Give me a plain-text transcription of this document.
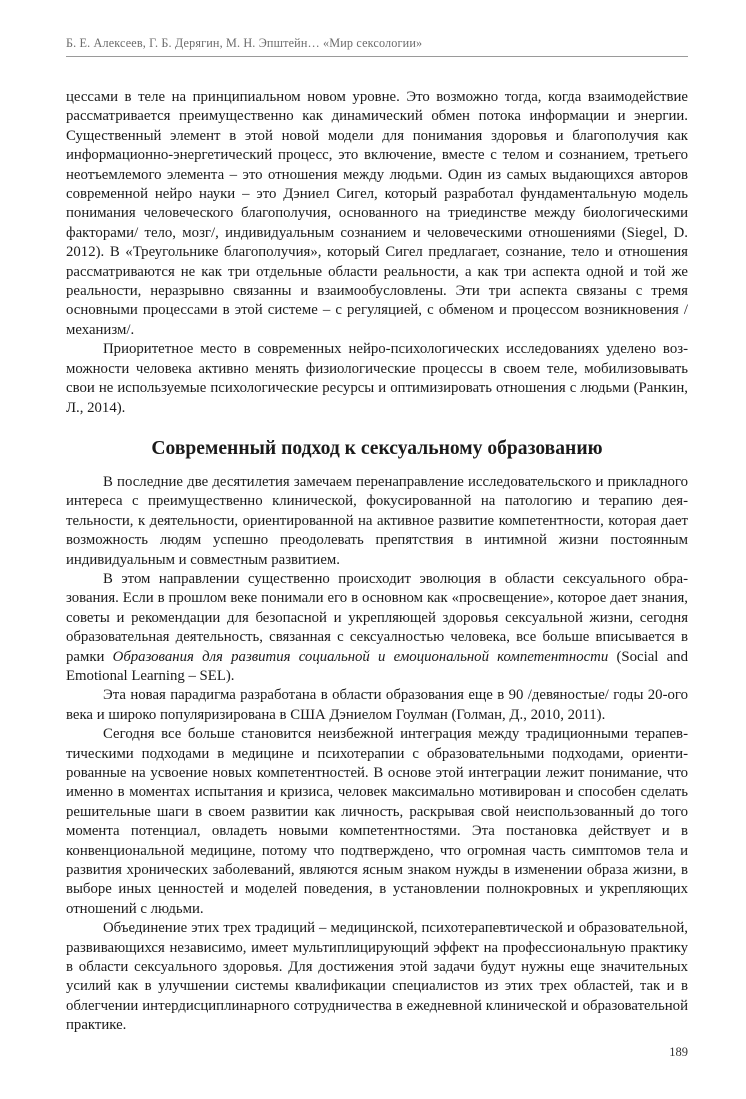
Б. Е. Алексеев, Г. Б. Дерягин, М. Н. Эпштейн… «Мир сексологии»

цессами в теле на принципиальном новом уровне. Это возможно тогда, когда взаимодействие рассматривается преимущественно как динамический обмен потока информации и энергии. Существенный элемент в этой новой модели для понимания здоровья и благополучия как информационно-энергетический процесс, это включение, вместе с телом и сознанием, третьего неотъемлемого элемента – это отношения между людьми. Один из самых выдающихся авторов современной нейро науки – это Дэниел Сигел, который разработал фундаментальную модель понимания человеческого благополучия, основанного на триединстве между биологическими факторами/ тело, мозг/, индивидуальным сознанием и человеческими отношениями (Siegel, D. 2012). В «Треугольнике благополучия», который Сигел предлагает, сознание, тело и отношения рассматриваются не как три отдельные области реальности, а как три аспекта одной и той же реальности, неразрывно связанны и взаимообусловлены. Эти три аспекта связаны с тремя основными процессами в этой системе – с регуляцией, с обменом и процессом возникновения / механизм/.

Приоритетное место в современных нейро-психологических исследованиях уделено возможности человека активно менять физиологические процессы в своем теле, мобилизовывать свои не используемые психологические ресурсы и оптимизировать отношения с людьми (Ранкин, Л., 2014).

Современный подход к сексуальному образованию

В последние две десятилетия замечаем перенаправление исследовательского и прикладного интереса с преимущественно клинической, фокусированной на патологию и терапию деятельности, к деятельности, ориентированной на активное развитие компетентности, которая дает возможность людям успешно преодолевать препятствия в интимной жизни постоянным индивидуальным и совместным развитием.

В этом направлении существенно происходит эволюция в области сексуального образования. Если в прошлом веке понимали его в основном как «просвещение», которое дает знания, советы и рекомендации для безопасной и укрепляющей здоровья сексуальной жизни, сегодня образовательная деятельность, связанная с сексуалностью человека, все больше вписывается в рамки Образования для развития социальной и емоциональной компетентности (Social and Emotional Learning – SEL).

Эта новая парадигма разработана в области образования еще в 90 /девяностые/ годы 20-ого века и широко популяризирована в США Дэниелом Гоулман (Голман, Д., 2010, 2011).

Сегодня все больше становится неизбежной интеграция между традиционными терапевтическими подходами в медицине и психотерапии с образовательными подходами, ориентированные на усвоение новых компетентностей. В основе этой интеграции лежит понимание, что именно в моментах испытания и кризиса, человек максимально мотивирован и способен сделать решительные шаги в своем развитии как личность, раскрывая свой неиспользованный до того момента потенциал, овладеть новыми компетентностями. Эта постановка действует и в конвенциональной медицине, потому что подтверждено, что огромная часть симптомов тела и развития хронических заболеваний, являются ясным знаком нужды в изменении образа жизни, в выборе иных ценностей и моделей поведения, в установлении полнокровных и укрепляющих отношений с людьми.

Объединение этих трех традиций – медицинской, психотерапевтической и образовательной, развивающихся независимо, имеет мультиплицирующий эффект на профессиональную практику в области сексуального здоровья. Для достижения этой задачи будут нужны еще значительных усилий как в улучшении системы квалификации специалистов из этих трех областей, так и в облегчении интердисциплинарного сотрудничества в ежедневной клинической и образовательной практике.

189
